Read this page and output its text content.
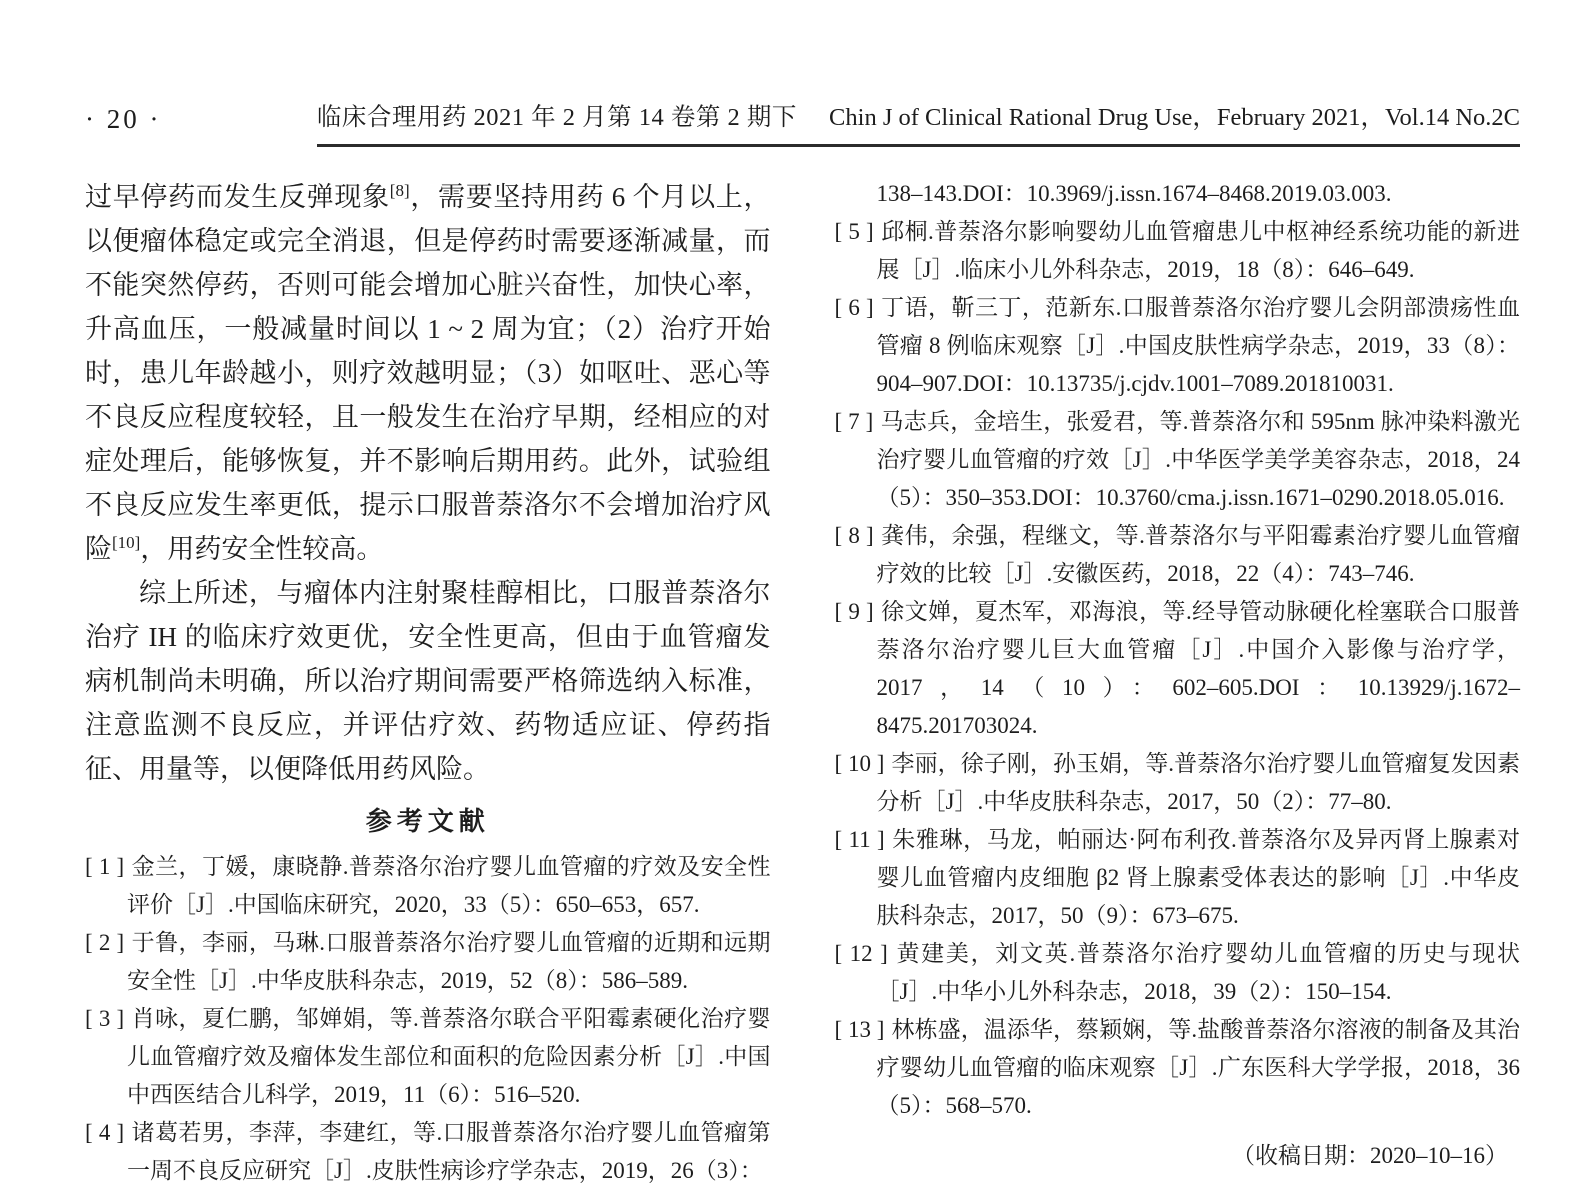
· 20 ·	临床合理用药 2021 年 2 月第 14 卷第 2 期下 Chin J of Clinical Rational Drug Use，February 2021，Vol.14 No.2C

过早停药而发生反弹现象[8]，需要坚持用药 6 个月以上，以便瘤体稳定或完全消退，但是停药时需要逐渐减量，而不能突然停药，否则可能会增加心脏兴奋性，加快心率，升高血压，一般减量时间以 1 ~ 2 周为宜；（2）治疗开始时，患儿年龄越小，则疗效越明显；（3）如呕吐、恶心等不良反应程度较轻，且一般发生在治疗早期，经相应的对症处理后，能够恢复，并不影响后期用药。此外，试验组不良反应发生率更低，提示口服普萘洛尔不会增加治疗风险[10]，用药安全性较高。

综上所述，与瘤体内注射聚桂醇相比，口服普萘洛尔治疗 IH 的临床疗效更优，安全性更高，但由于血管瘤发病机制尚未明确，所以治疗期间需要严格筛选纳入标准，注意监测不良反应，并评估疗效、药物适应证、停药指征、用量等，以便降低用药风险。

参考文献
[ 1 ] 金兰，丁媛，康晓静.普萘洛尔治疗婴儿血管瘤的疗效及安全性评价［J］.中国临床研究，2020，33（5）：650–653，657.
[ 2 ] 于鲁，李丽，马琳.口服普萘洛尔治疗婴儿血管瘤的近期和远期安全性［J］.中华皮肤科杂志，2019，52（8）：586–589.
[ 3 ] 肖咏，夏仁鹏，邹婵娟，等.普萘洛尔联合平阳霉素硬化治疗婴儿血管瘤疗效及瘤体发生部位和面积的危险因素分析［J］.中国中西医结合儿科学，2019，11（6）：516–520.
[ 4 ] 诸葛若男，李萍，李建红，等.口服普萘洛尔治疗婴儿血管瘤第一周不良反应研究［J］.皮肤性病诊疗学杂志，2019，26（3）：
138–143.DOI：10.3969/j.issn.1674–8468.2019.03.003.
[ 5 ] 邱桐.普萘洛尔影响婴幼儿血管瘤患儿中枢神经系统功能的新进展［J］.临床小儿外科杂志，2019，18（8）：646–649.
[ 6 ] 丁语，靳三丁，范新东.口服普萘洛尔治疗婴儿会阴部溃疡性血管瘤 8 例临床观察［J］.中国皮肤性病学杂志，2019，33（8）：904–907.DOI：10.13735/j.cjdv.1001–7089.201810031.
[ 7 ] 马志兵，金培生，张爱君，等.普萘洛尔和 595nm 脉冲染料激光治疗婴儿血管瘤的疗效［J］.中华医学美学美容杂志，2018，24（5）：350–353.DOI：10.3760/cma.j.issn.1671–0290.2018.05.016.
[ 8 ] 龚伟，余强，程继文，等.普萘洛尔与平阳霉素治疗婴儿血管瘤疗效的比较［J］.安徽医药，2018，22（4）：743–746.
[ 9 ] 徐文婵，夏杰军，邓海浪，等.经导管动脉硬化栓塞联合口服普萘洛尔治疗婴儿巨大血管瘤［J］.中国介入影像与治疗学，2017，14（10）：602–605.DOI：10.13929/j.1672–8475.201703024.
[ 10 ] 李丽，徐子刚，孙玉娟，等.普萘洛尔治疗婴儿血管瘤复发因素分析［J］.中华皮肤科杂志，2017，50（2）：77–80.
[ 11 ] 朱雅琳，马龙，帕丽达·阿布利孜.普萘洛尔及异丙肾上腺素对婴儿血管瘤内皮细胞 β2 肾上腺素受体表达的影响［J］.中华皮肤科杂志，2017，50（9）：673–675.
[ 12 ] 黄建美，刘文英.普萘洛尔治疗婴幼儿血管瘤的历史与现状［J］.中华小儿外科杂志，2018，39（2）：150–154.
[ 13 ] 林栋盛，温添华，蔡颖娴，等.盐酸普萘洛尔溶液的制备及其治疗婴幼儿血管瘤的临床观察［J］.广东医科大学学报，2018，36（5）：568–570.
（收稿日期：2020–10–16）
